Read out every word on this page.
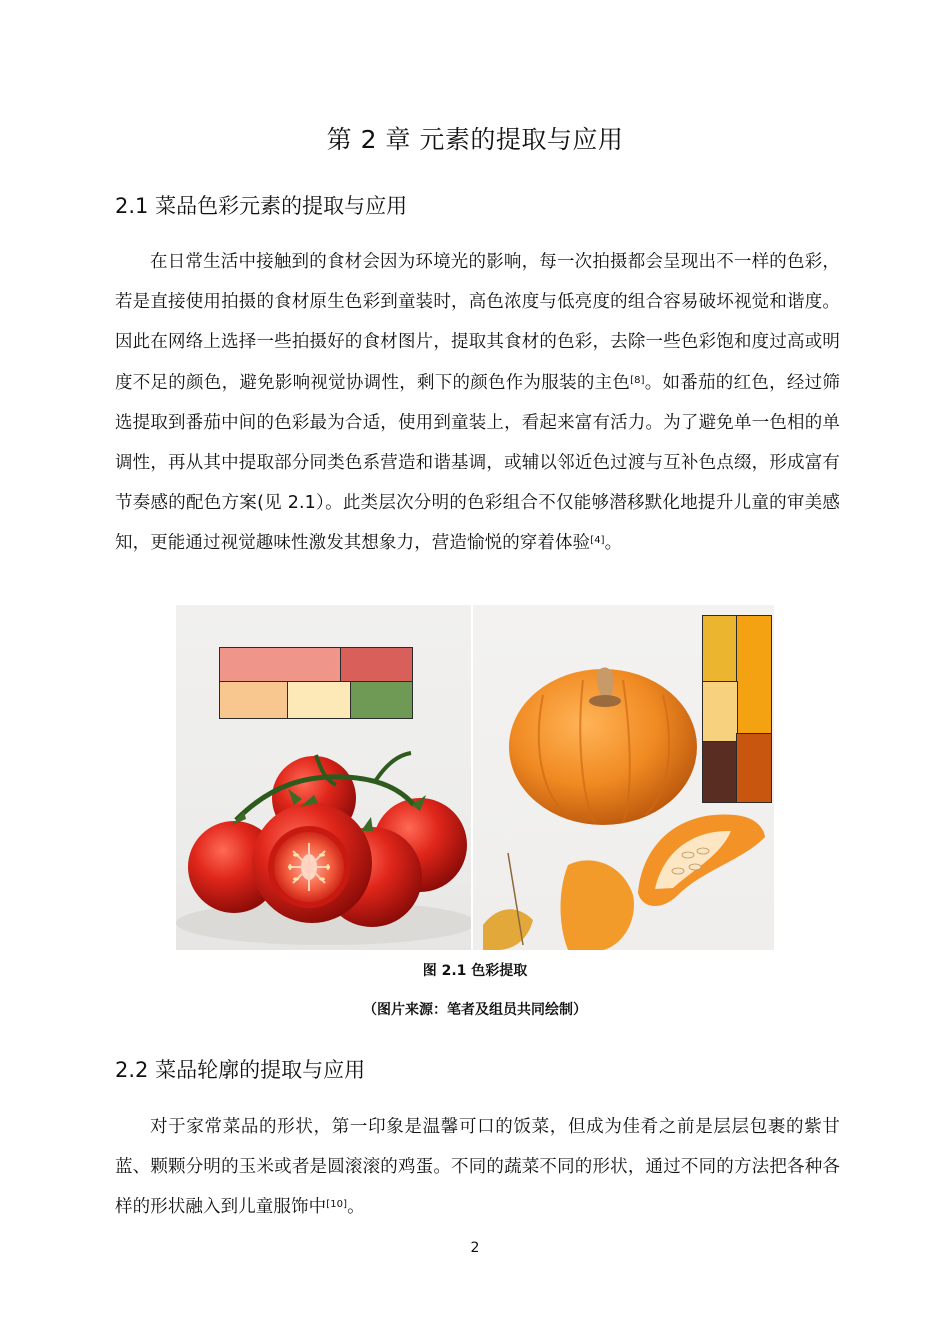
第 2 章 元素的提取与应用
2.1 菜品色彩元素的提取与应用

在日常生活中接触到的食材会因为环境光的影响，每一次拍摄都会呈现出不一样的色彩，若是直接使用拍摄的食材原生色彩到童装时，高色浓度与低亮度的组合容易破坏视觉和谐度。因此在网络上选择一些拍摄好的食材图片，提取其食材的色彩，去除一些色彩饱和度过高或明度不足的颜色，避免影响视觉协调性，剩下的颜色作为服装的主色[8]。如番茄的红色，经过筛选提取到番茄中间的色彩最为合适，使用到童装上，看起来富有活力。为了避免单一色相的单调性，再从其中提取部分同类色系营造和谐基调，或辅以邻近色过渡与互补色点缀，形成富有节奏感的配色方案(见 2.1）。此类层次分明的色彩组合不仅能够潜移默化地提升儿童的审美感知，更能通过视觉趣味性激发其想象力，营造愉悦的穿着体验[4]。

图 2.1 色彩提取

（图片来源：笔者及组员共同绘制）

2.2 菜品轮廓的提取与应用

对于家常菜品的形状，第一印象是温馨可口的饭菜，但成为佳肴之前是层层包裹的紫甘蓝、颗颗分明的玉米或者是圆滚滚的鸡蛋。不同的蔬菜不同的形状，通过不同的方法把各种各样的形状融入到儿童服饰中[10]。

2
